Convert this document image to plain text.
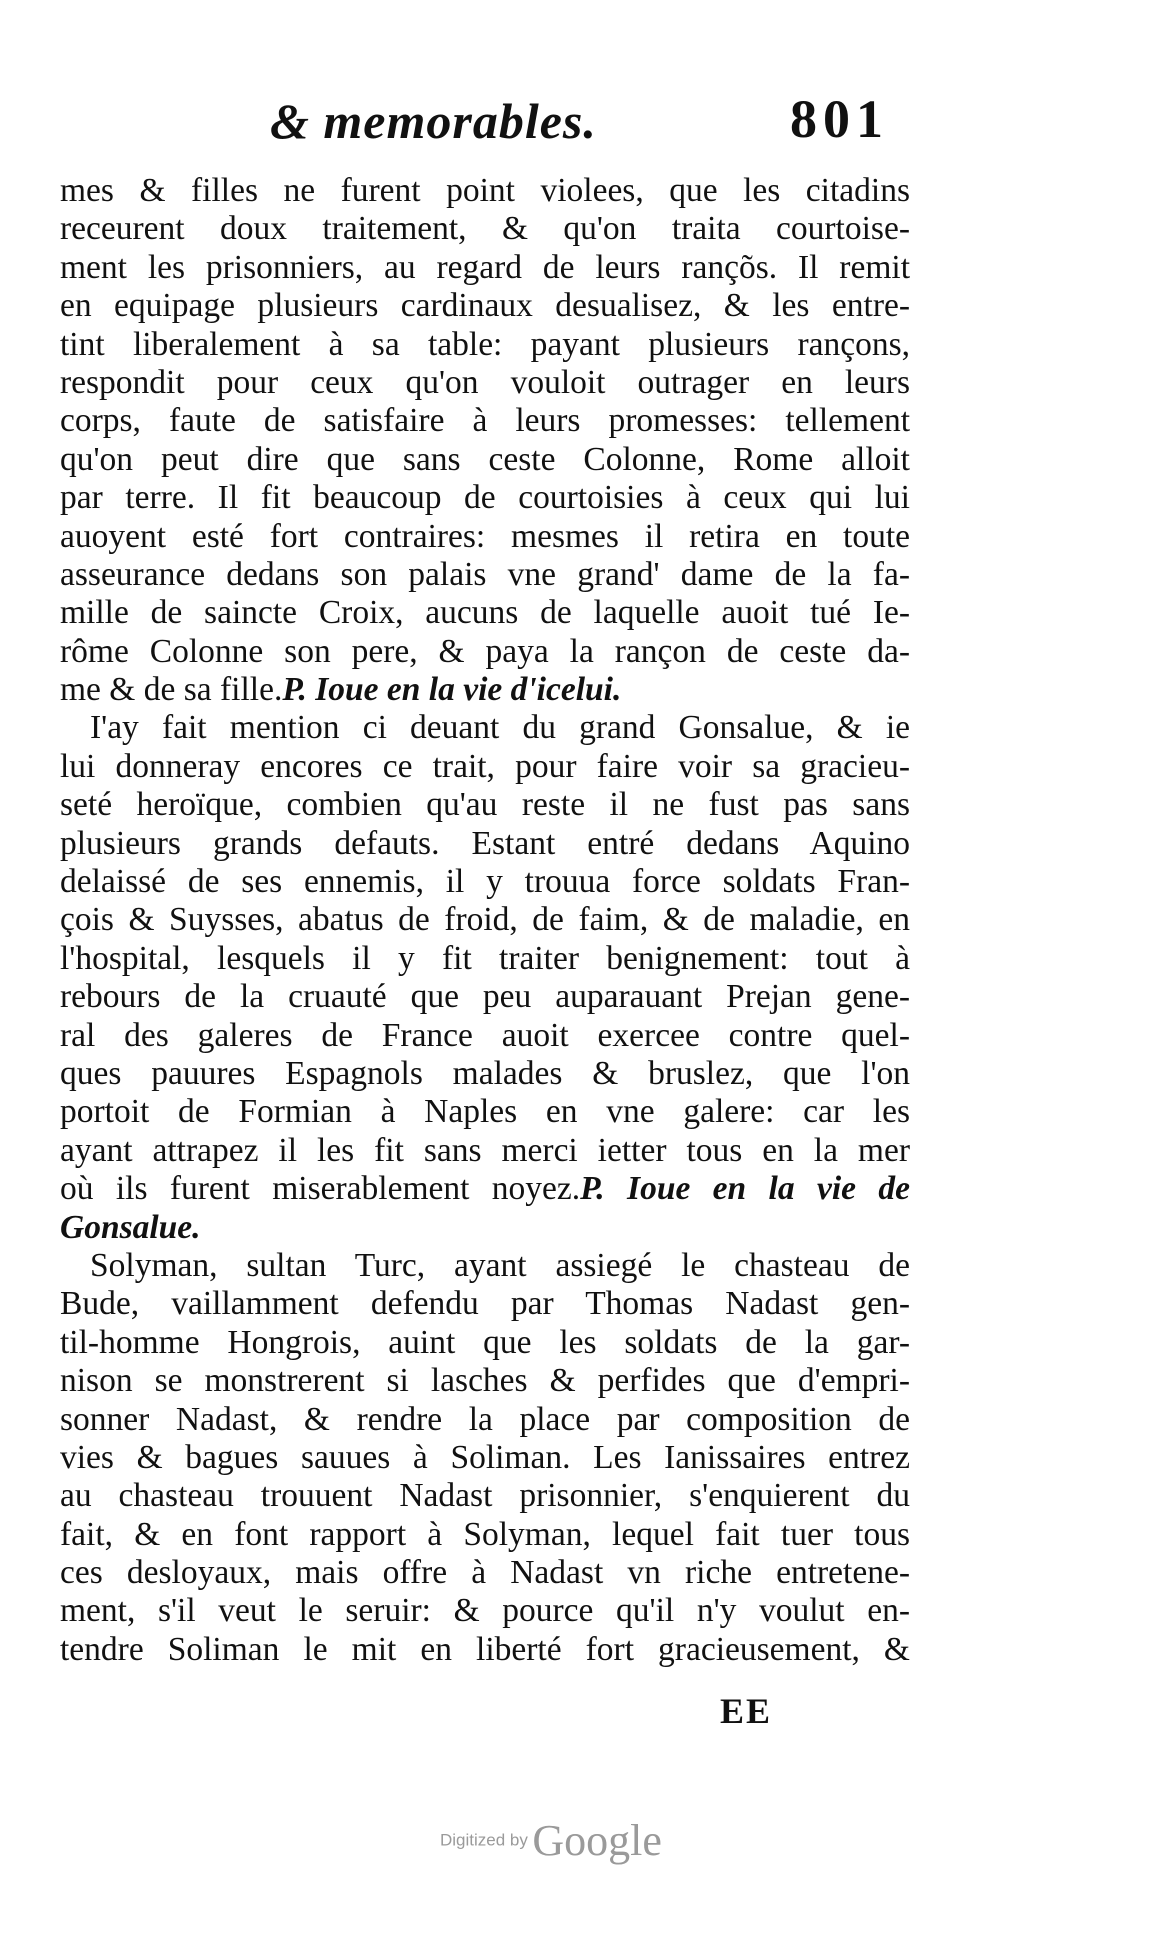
& memorables.	801
mes & filles ne furent point violees, que les citadins
receurent doux traitement, & qu'on traita courtoise-
ment les prisonniers, au regard de leurs rançõs. Il remit
en equipage plusieurs cardinaux desualisez, & les entre-
tint liberalement à sa table: payant plusieurs rançons,
respondit pour ceux qu'on vouloit outrager en leurs
corps, faute de satisfaire à leurs promesses: tellement
qu'on peut dire que sans ceste Colonne, Rome alloit
par terre. Il fit beaucoup de courtoisies à ceux qui lui
auoyent esté fort contraires: mesmes il retira en toute
asseurance dedans son palais vne grand' dame de la fa-
mille de saincte Croix, aucuns de laquelle auoit tué Ie-
rôme Colonne son pere, & paya la rançon de ceste da-
me & de sa fille.P. Ioue en la vie d'icelui.
I'ay fait mention ci deuant du grand Gonsalue, & ie
lui donneray encores ce trait, pour faire voir sa gracieu-
seté heroïque, combien qu'au reste il ne fust pas sans
plusieurs grands defauts. Estant entré dedans Aquino
delaissé de ses ennemis, il y trouua force soldats Fran-
çois & Suysses, abatus de froid, de faim, & de maladie, en
l'hospital, lesquels il y fit traiter benignement: tout à
rebours de la cruauté que peu auparauant Prejan gene-
ral des galeres de France auoit exercee contre quel-
ques pauures Espagnols malades & bruslez, que l'on
portoit de Formian à Naples en vne galere: car les
ayant attrapez il les fit sans merci ietter tous en la mer
où ils furent miserablement noyez.P. Ioue en la vie de
Gonsalue.
Solyman, sultan Turc, ayant assiegé le chasteau de
Bude, vaillamment defendu par Thomas Nadast gen-
til-homme Hongrois, auint que les soldats de la gar-
nison se monstrerent si lasches & perfides que d'empri-
sonner Nadast, & rendre la place par composition de
vies & bagues sauues à Soliman. Les Ianissaires entrez
au chasteau trouuent Nadast prisonnier, s'enquierent du
fait, & en font rapport à Solyman, lequel fait tuer tous
ces desloyaux, mais offre à Nadast vn riche entretene-
ment, s'il veut le seruir: & pource qu'il n'y voulut en-
tendre Soliman le mit en liberté fort gracieusement, &
EE
Digitized by Google
